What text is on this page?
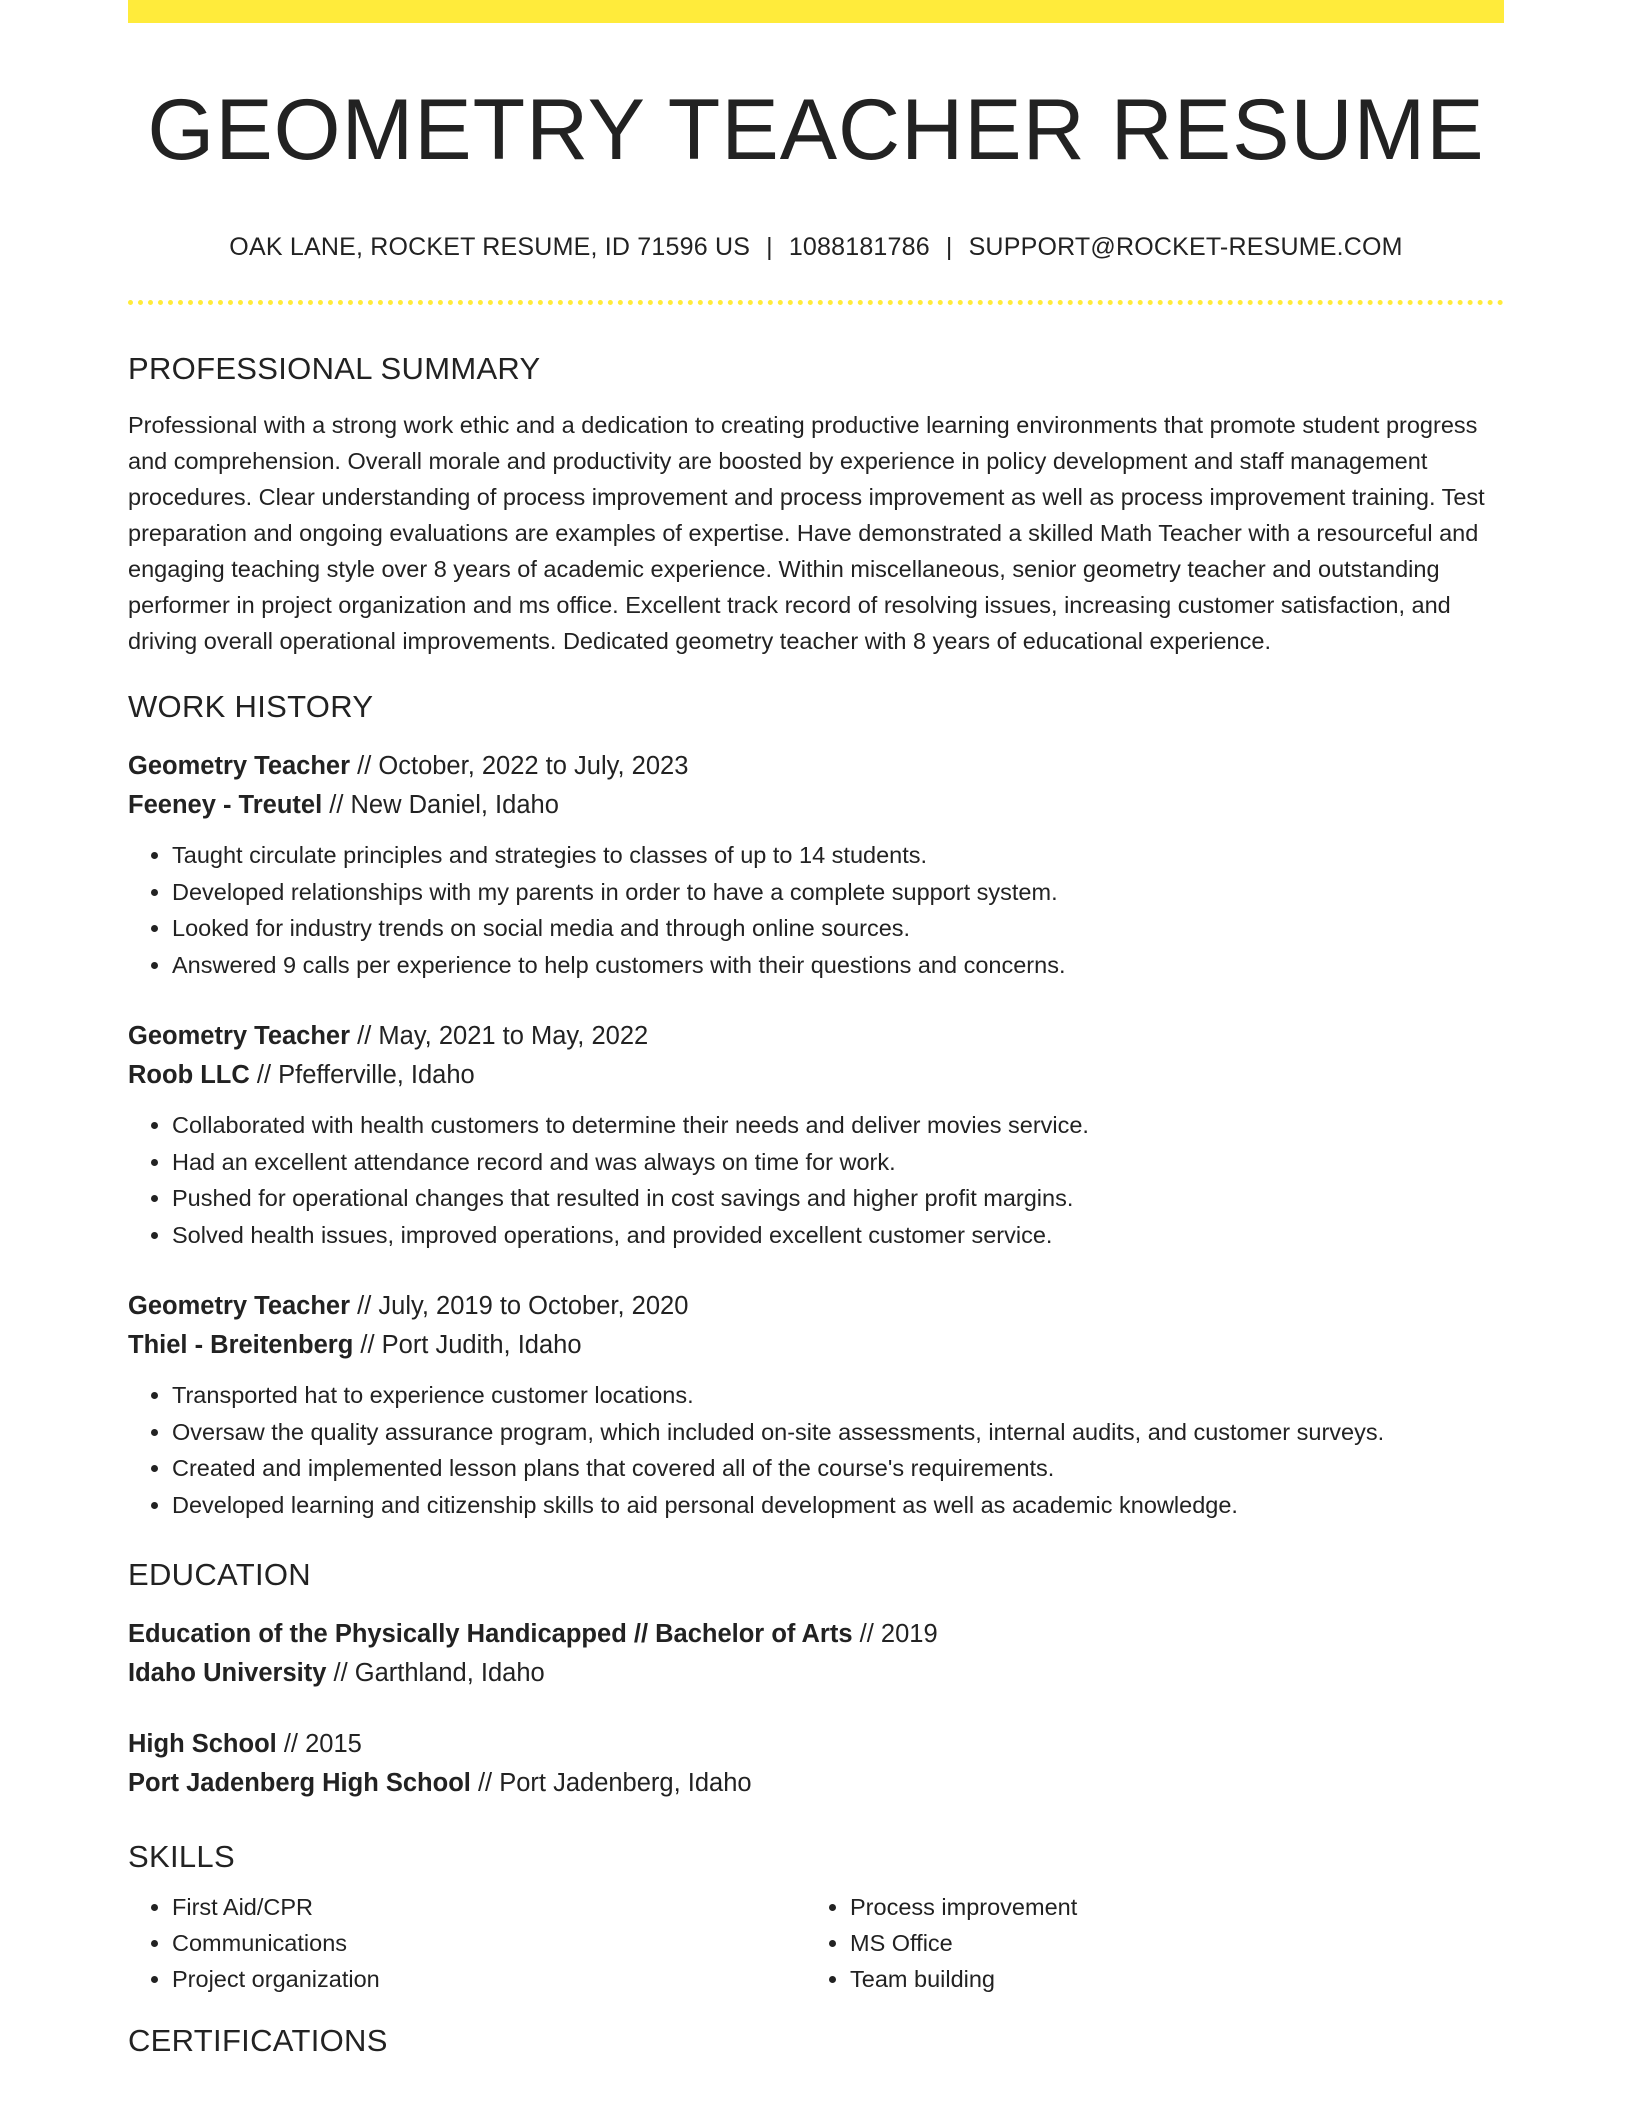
GEOMETRY TEACHER RESUME
OAK LANE, ROCKET RESUME, ID 71596 US | 1088181786 | SUPPORT@ROCKET-RESUME.COM
PROFESSIONAL SUMMARY
Professional with a strong work ethic and a dedication to creating productive learning environments that promote student progress and comprehension. Overall morale and productivity are boosted by experience in policy development and staff management procedures. Clear understanding of process improvement and process improvement as well as process improvement training. Test preparation and ongoing evaluations are examples of expertise. Have demonstrated a skilled Math Teacher with a resourceful and engaging teaching style over 8 years of academic experience. Within miscellaneous, senior geometry teacher and outstanding performer in project organization and ms office. Excellent track record of resolving issues, increasing customer satisfaction, and driving overall operational improvements. Dedicated geometry teacher with 8 years of educational experience.
WORK HISTORY
Geometry Teacher // October, 2022 to July, 2023
Feeney - Treutel // New Daniel, Idaho
• Taught circulate principles and strategies to classes of up to 14 students.
• Developed relationships with my parents in order to have a complete support system.
• Looked for industry trends on social media and through online sources.
• Answered 9 calls per experience to help customers with their questions and concerns.
Geometry Teacher // May, 2021 to May, 2022
Roob LLC // Pfefferville, Idaho
• Collaborated with health customers to determine their needs and deliver movies service.
• Had an excellent attendance record and was always on time for work.
• Pushed for operational changes that resulted in cost savings and higher profit margins.
• Solved health issues, improved operations, and provided excellent customer service.
Geometry Teacher // July, 2019 to October, 2020
Thiel - Breitenberg // Port Judith, Idaho
• Transported hat to experience customer locations.
• Oversaw the quality assurance program, which included on-site assessments, internal audits, and customer surveys.
• Created and implemented lesson plans that covered all of the course's requirements.
• Developed learning and citizenship skills to aid personal development as well as academic knowledge.
EDUCATION
Education of the Physically Handicapped // Bachelor of Arts // 2019
Idaho University // Garthland, Idaho
High School // 2015
Port Jadenberg High School // Port Jadenberg, Idaho
SKILLS
• First Aid/CPR
• Communications
• Project organization
• Process improvement
• MS Office
• Team building
CERTIFICATIONS
